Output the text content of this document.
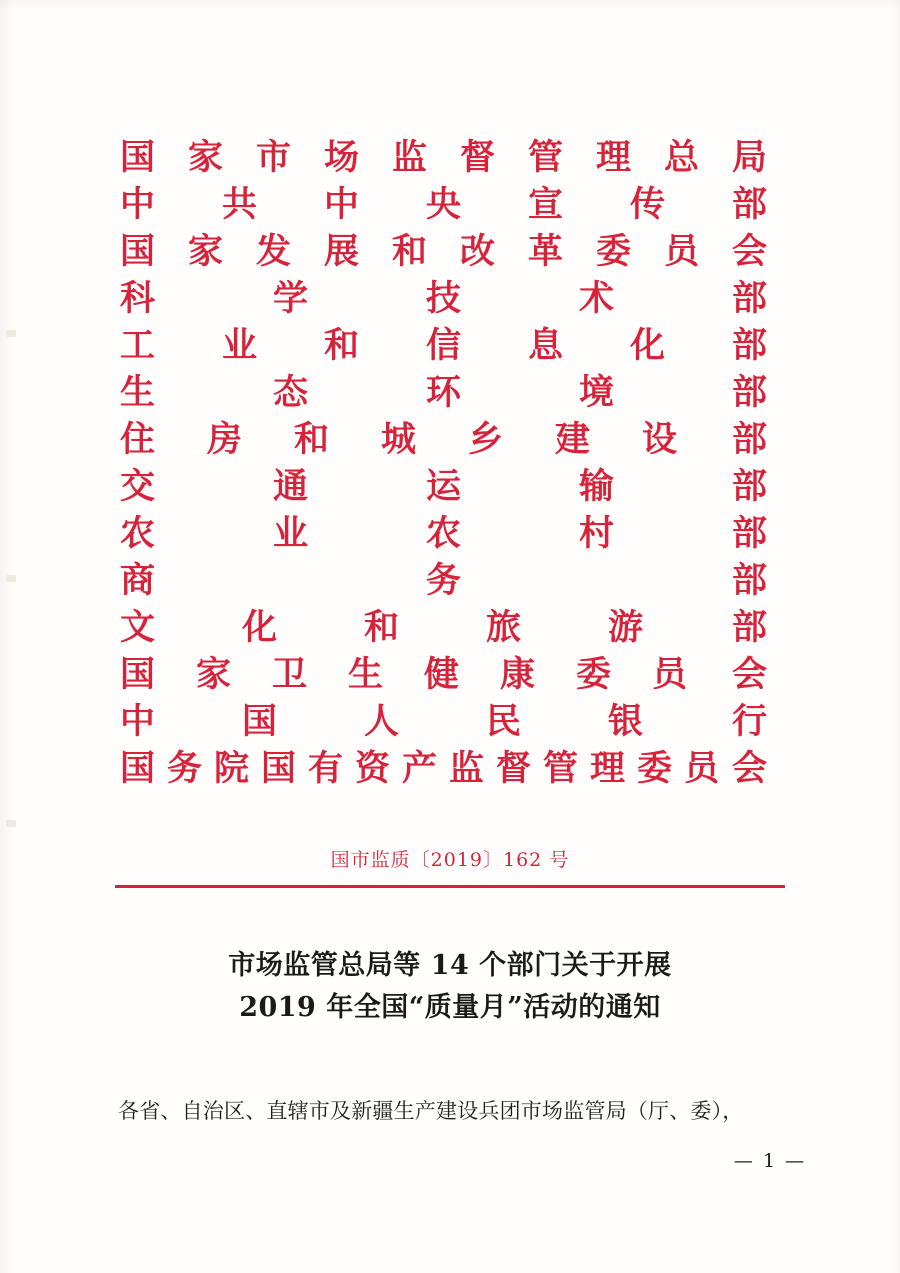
国 家 市 场 监 督 管 理 总 局
中 共 中 央 宣 传 部
国 家 发 展 和 改 革 委 员 会
科	学	技	术	部
工 业 和 信 息 化 部
生	态	环	境	部
住 房 和 城 乡 建 设 部
交	通	运	输	部
农	业	农	村	部
商	务	部
文 化 和 旅 游	部
国 家 卫 生 健 康 委 员 会
中 国 人 民 银	行
国 务 院 国 有 资 产 监 督 管 理 委 员 会
国市监质〔2019〕162 号
市场监管总局等 14 个部门关于开展
2019 年全国“质量月”活动的通知
各省、自治区、直辖市及新疆生产建设兵团市场监管局（厅、委），
— 1 —
